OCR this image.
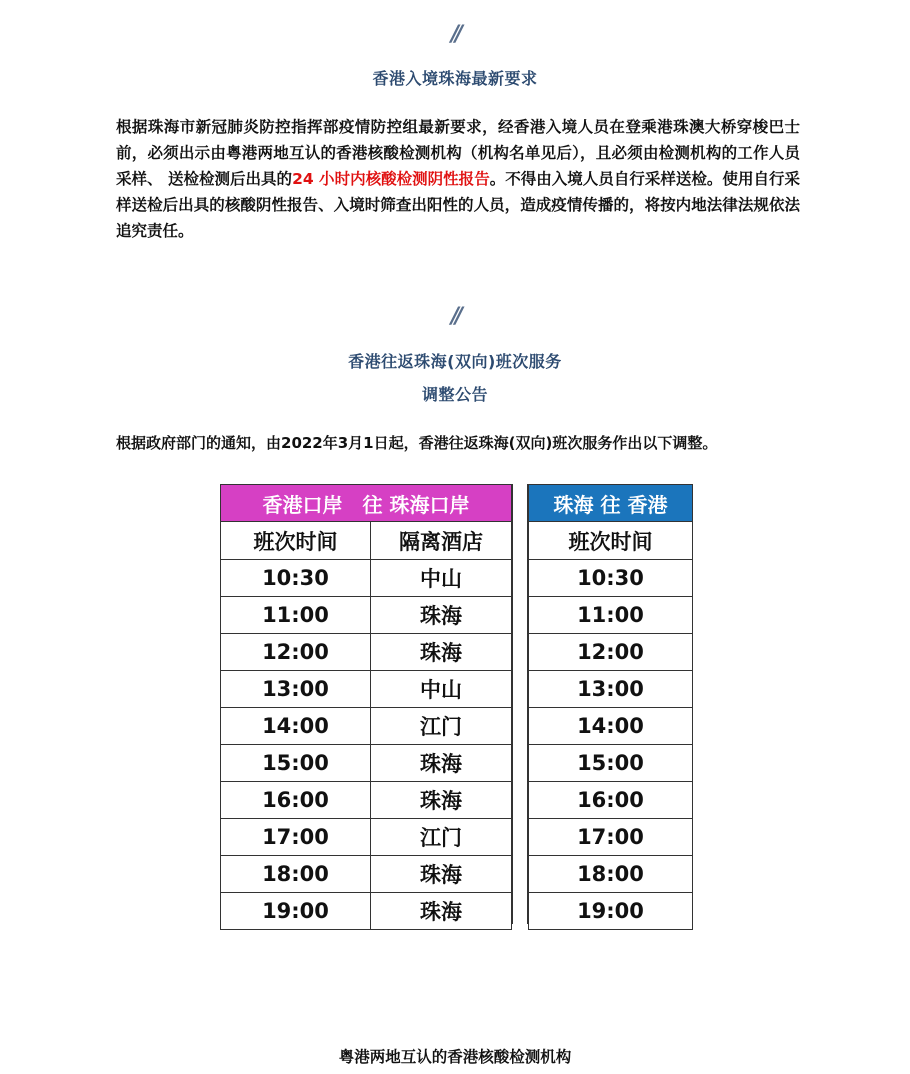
//
香港入境珠海最新要求
根据珠海市新冠肺炎防控指挥部疫情防控组最新要求，经香港入境人员在登乘港珠澳大桥穿梭巴士前，必须出示由粤港两地互认的香港核酸检测机构（机构名单见后），且必须由检测机构的工作人员采样、 送检检测后出具的24 小时内核酸检测阴性报告。不得由入境人员自行采样送检。使用自行采样送检后出具的核酸阴性报告、入境时筛查出阳性的人员，造成疫情传播的，将按内地法律法规依法追究责任。
//
香港往返珠海(双向)班次服务
调整公告
根据政府部门的通知，由2022年3月1日起，香港往返珠海(双向)班次服务作出以下调整。
香港口岸　往 珠海口岸	
班次时间	隔离酒店
10:30	中山
11:00	珠海
12:00	珠海
13:00	中山
14:00	江门
15:00	珠海
16:00	珠海
17:00	江门
18:00	珠海
19:00	珠海
珠海 往 香港
班次时间
10:30
11:00
12:00
13:00
14:00
15:00
16:00
17:00
18:00
19:00
粤港两地互认的香港核酸检测机构
